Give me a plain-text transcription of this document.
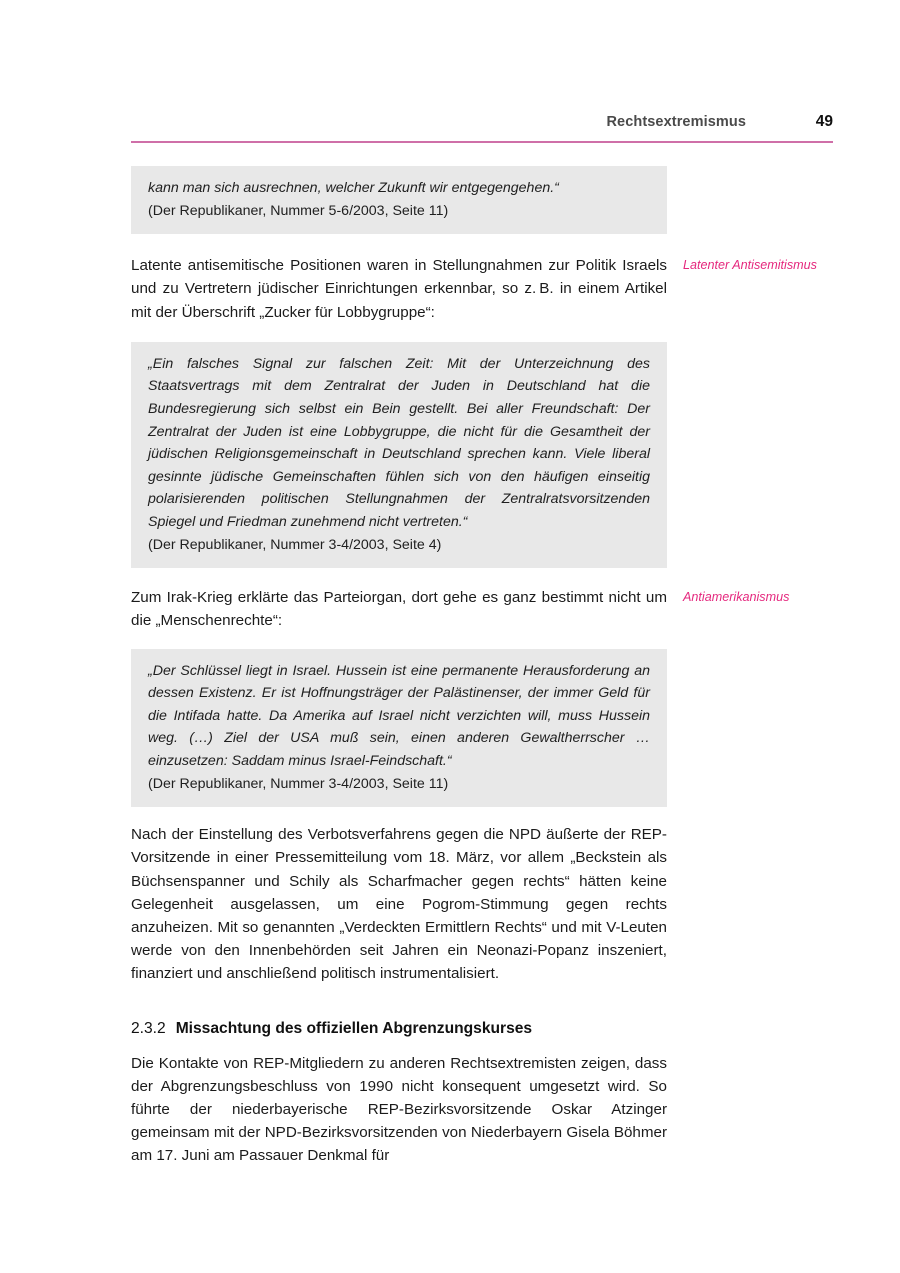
Rechtsextremismus	49

kann man sich ausrechnen, welcher Zukunft wir entgegengehen.“

(Der Republikaner, Nummer 5-6/2003, Seite 11)

Latente antisemitische Positionen waren in Stellungnahmen zur Politik Israels und zu Vertretern jüdischer Einrichtungen erkennbar, so z. B. in einem Artikel mit der Überschrift „Zucker für Lobbygruppe“:

Latenter Antisemitismus

„Ein falsches Signal zur falschen Zeit: Mit der Unterzeichnung des Staatsvertrags mit dem Zentralrat der Juden in Deutschland hat die Bundesregierung sich selbst ein Bein gestellt. Bei aller Freundschaft: Der Zentralrat der Juden ist eine Lobbygruppe, die nicht für die Gesamtheit der jüdischen Religionsgemeinschaft in Deutschland sprechen kann. Viele liberal gesinnte jüdische Gemeinschaften fühlen sich von den häufigen einseitig polarisierenden politischen Stellungnahmen der Zentralratsvorsitzenden Spiegel und Friedman zunehmend nicht vertreten.“

(Der Republikaner, Nummer 3-4/2003, Seite 4)

Zum Irak-Krieg erklärte das Parteiorgan, dort gehe es ganz bestimmt nicht um die „Menschenrechte“:

Antiamerikanismus

„Der Schlüssel liegt in Israel. Hussein ist eine permanente Herausforderung an dessen Existenz. Er ist Hoffnungsträger der Palästinenser, der immer Geld für die Intifada hatte. Da Amerika auf Israel nicht verzichten will, muss Hussein weg. (…) Ziel der USA muß sein, einen anderen Gewaltherrscher … einzusetzen: Saddam minus Israel-Feindschaft.“

(Der Republikaner, Nummer 3-4/2003, Seite 11)

Nach der Einstellung des Verbotsverfahrens gegen die NPD äußerte der REP-Vorsitzende in einer Pressemitteilung vom 18. März, vor allem „Beckstein als Büchsenspanner und Schily als Scharfmacher gegen rechts“ hätten keine Gelegenheit ausgelassen, um eine Pogrom-Stimmung gegen rechts anzuheizen. Mit so genannten „Verdeckten Ermittlern Rechts“ und mit V-Leuten werde von den Innenbehörden seit Jahren ein Neonazi-Popanz inszeniert, finanziert und anschließend politisch instrumentalisiert.

2.3.2 Missachtung des offiziellen Abgrenzungskurses

Die Kontakte von REP-Mitgliedern zu anderen Rechtsextremisten zeigen, dass der Abgrenzungsbeschluss von 1990 nicht konsequent umgesetzt wird. So führte der niederbayerische REP-Bezirksvorsitzende Oskar Atzinger gemeinsam mit der NPD-Bezirksvorsitzenden von Niederbayern Gisela Böhmer am 17. Juni am Passauer Denkmal für
